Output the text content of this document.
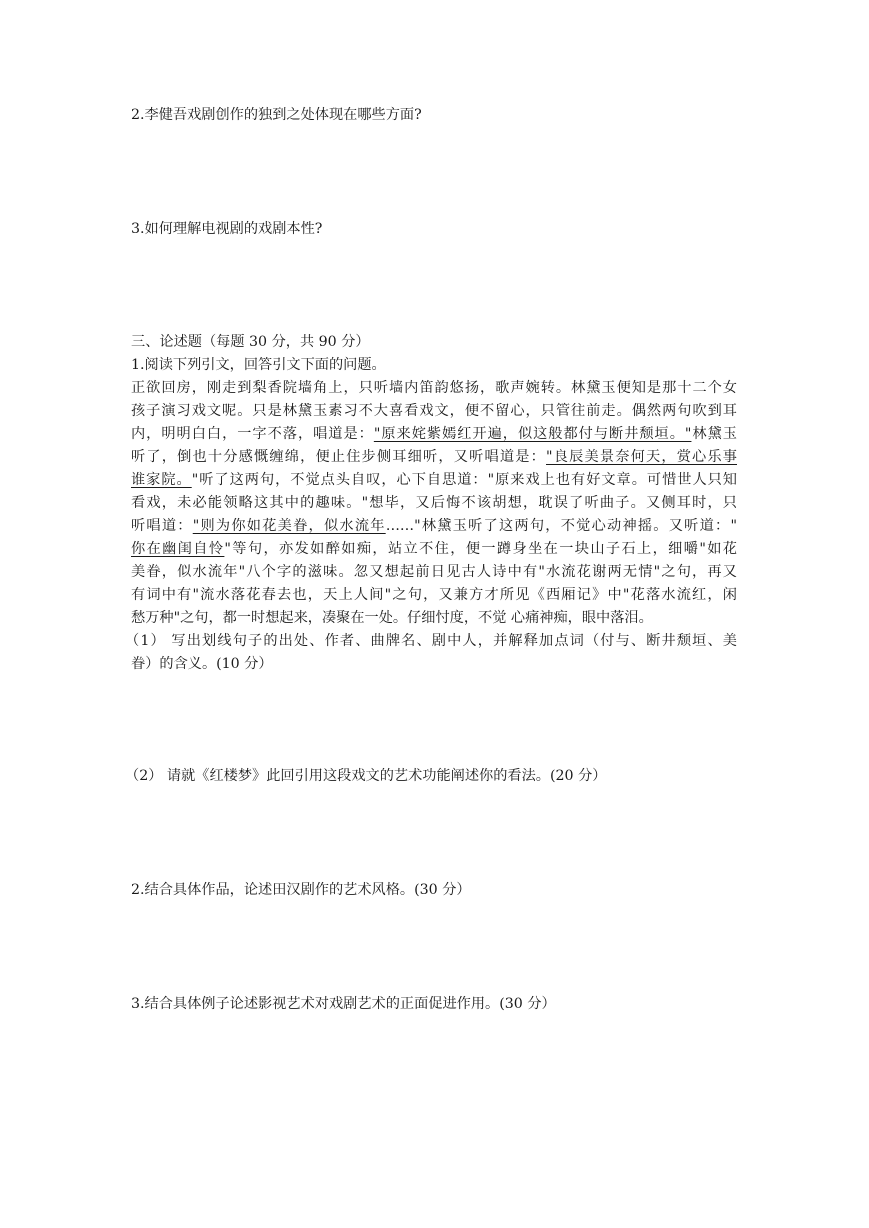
2.李健吾戏剧创作的独到之处体现在哪些方面?
3.如何理解电视剧的戏剧本性?
三、论述题（每题 30 分，共 90 分）
1.阅读下列引文，回答引文下面的问题。
正欲回房，刚走到梨香院墙角上，只听墙内笛韵悠扬，歌声婉转。林黛玉便知是那十二个女
孩子演习戏文呢。只是林黛玉素习不大喜看戏文，便不留心，只管往前走。偶然两句吹到耳
内，明明白白，一字不落，唱道是："原来姹紫嫣红开遍，似这般都付与断井颓垣。"林黛玉
听了，倒也十分感慨缠绵，便止住步侧耳细听，又听唱道是："良辰美景奈何天，赏心乐事
谁家院。"听了这两句，不觉点头自叹，心下自思道："原来戏上也有好文章。可惜世人只知
看戏，未必能领略这其中的趣味。"想毕，又后悔不该胡想，耽误了听曲子。又侧耳时，只
听唱道："则为你如花美眷，似水流年……"林黛玉听了这两句，不觉心动神摇。又听道："
你在幽闺自怜"等句，亦发如醉如痴，站立不住，便一蹲身坐在一块山子石上，细嚼"如花
美眷，似水流年"八个字的滋味。忽又想起前日见古人诗中有"水流花谢两无情"之句，再又
有词中有"流水落花春去也，天上人间"之句，又兼方才所见《西厢记》中"花落水流红，闲
愁万种"之句，都一时想起来，凑聚在一处。仔细忖度，不觉 心痛神痴，眼中落泪。
（1） 写出划线句子的出处、作者、曲牌名、剧中人，并解释加点词（付与、断井颓垣、美
眷）的含义。(10 分）
（2） 请就《红楼梦》此回引用这段戏文的艺术功能阐述你的看法。(20 分）
2.结合具体作品，论述田汉剧作的艺术风格。(30 分）
3.结合具体例子论述影视艺术对戏剧艺术的正面促进作用。(30 分）
